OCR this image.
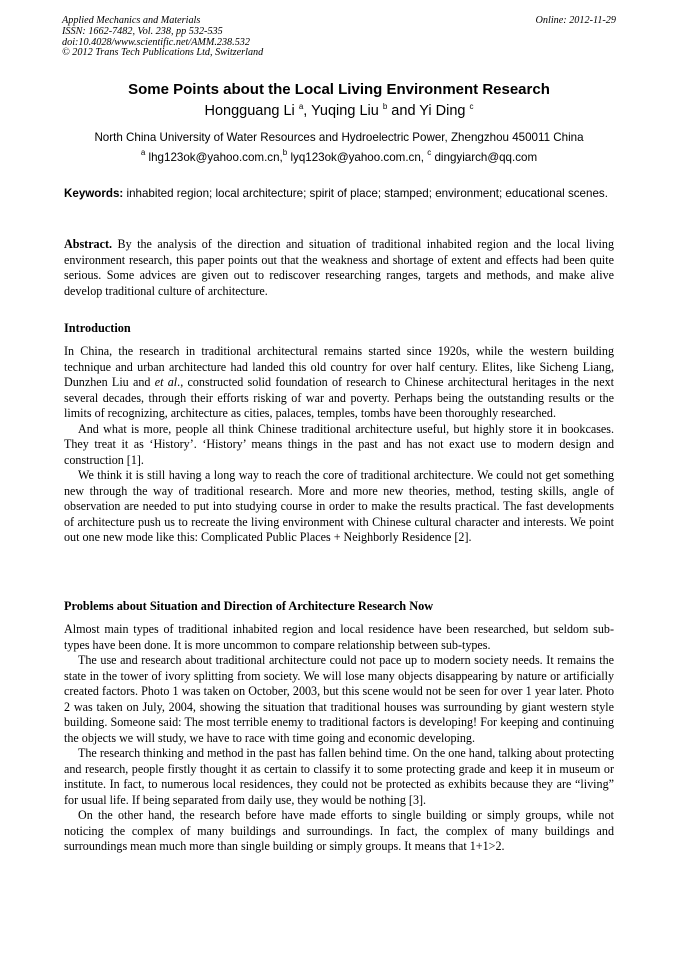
Applied Mechanics and Materials
ISSN: 1662-7482, Vol. 238, pp 532-535
doi:10.4028/www.scientific.net/AMM.238.532
© 2012 Trans Tech Publications Ltd, Switzerland
Online: 2012-11-29
Some Points about the Local Living Environment Research
Hongguang Li $^a$, Yuqing Liu $^b$ and Yi Ding $^c$
North China University of Water Resources and Hydroelectric Power, Zhengzhou 450011 China
$^a$ lhg123ok@yahoo.com.cn,$^b$ lyq123ok@yahoo.com.cn, $^c$ dingyiarch@qq.com
Keywords: inhabited region; local architecture; spirit of place; stamped; environment; educational scenes.

Abstract. By the analysis of the direction and situation of traditional inhabited region and the local living environment research, this paper points out that the weakness and shortage of extent and effects had been quite serious. Some advices are given out to rediscover researching ranges, targets and methods, and make alive develop traditional culture of architecture.

Introduction

In China, the research in traditional architectural remains started since 1920s, while the western building technique and urban architecture had landed this old country for over half century. Elites, like Sicheng Liang, Dunzhen Liu and et al., constructed solid foundation of research to Chinese architectural heritages in the next several decades, through their efforts risking of war and poverty. Perhaps being the outstanding results or the limits of recognizing, architecture as cities, palaces, temples, tombs have been thoroughly researched.

And what is more, people all think Chinese traditional architecture useful, but highly store it in bookcases. They treat it as ‘History’. ‘History’ means things in the past and has not exact use to modern design and construction [1].

We think it is still having a long way to reach the core of traditional architecture. We could not get something new through the way of traditional research. More and more new theories, method, testing skills, angle of observation are needed to put into studying course in order to make the results practical. The fast developments of architecture push us to recreate the living environment with Chinese cultural character and interests. We point out one new mode like this: Complicated Public Places + Neighborly Residence [2].

Problems about Situation and Direction of Architecture Research Now

Almost main types of traditional inhabited region and local residence have been researched, but seldom sub-types have been done. It is more uncommon to compare relationship between sub-types.

The use and research about traditional architecture could not pace up to modern society needs. It remains the state in the tower of ivory splitting from society. We will lose many objects disappearing by nature or artificially created factors. Photo 1 was taken on October, 2003, but this scene would not be seen for over 1 year later. Photo 2 was taken on July, 2004, showing the situation that traditional houses was surrounding by giant western style building. Someone said: The most terrible enemy to traditional factors is developing! For keeping and continuing the objects we will study, we have to race with time going and economic developing.

The research thinking and method in the past has fallen behind time. On the one hand, talking about protecting and research, people firstly thought it as certain to classify it to some protecting grade and keep it in museum or institute. In fact, to numerous local residences, they could not be protected as exhibits because they are “living” for usual life. If being separated from daily use, they would be nothing [3].

On the other hand, the research before have made efforts to single building or simply groups, while not noticing the complex of many buildings and surroundings. In fact, the complex of many buildings and surroundings mean much more than single building or simply groups. It means that 1+1>2.
